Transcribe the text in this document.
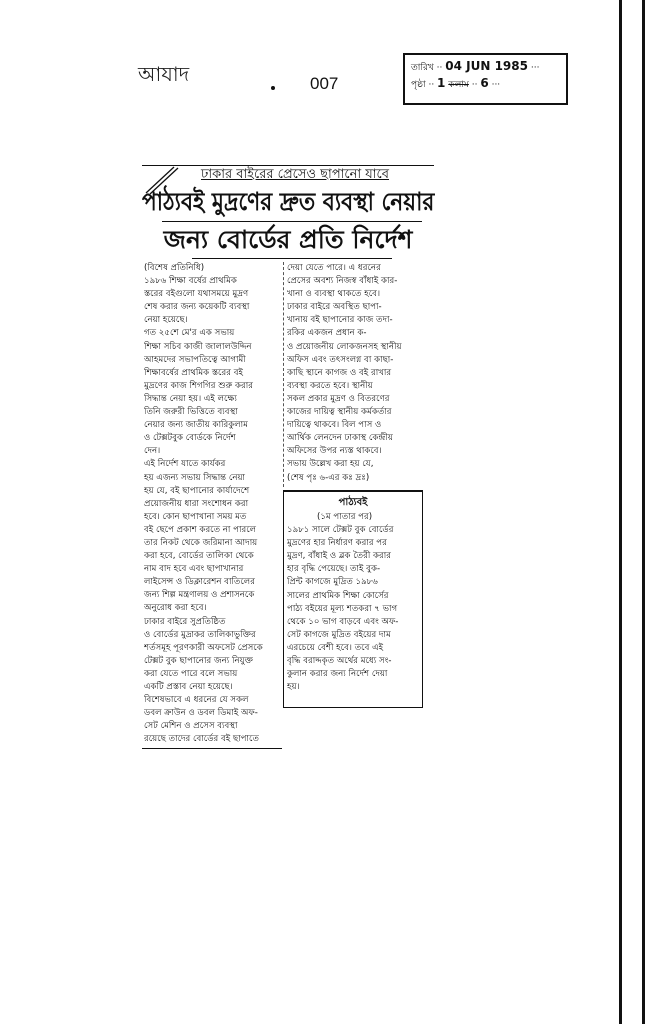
আযাদ	007
তারিখ ·· 04 JUN 1985 ···
পৃষ্ঠা ·· 1 কলাম ·· 6 ···
ঢাকার বাইরের প্রেসেও ছাপানো যাবে
পাঠ্যবই মুদ্রণের দ্রুত ব্যবস্থা নেয়ার
জন্য বোর্ডের প্রতি নির্দেশ
(বিশেষ প্রতিনিধি)
১৯৮৬ শিক্ষা বর্ষের প্রাথমিক
স্তরের বইগুলো যথাসময়ে মুদ্রণ
শেষ করার জন্য কয়েকটি ব্যবস্থা
নেয়া হয়েছে।
গত ২৫শে মে'র এক সভায়
শিক্ষা সচিব কাজী জালালউদ্দিন
আহমদের সভাপতিত্বে আগামী
শিক্ষাবর্ষের প্রাথমিক স্তরের বই
মুদ্রণের কাজ শিগগির শুরু করার
সিদ্ধান্ত নেয়া হয়। এই লক্ষ্যে
তিনি জরুরী ভিত্তিতে ব্যবস্থা
নেয়ার জন্য জাতীয় কারিকুলাম
ও টেক্সটবুক বোর্ডকে নির্দেশ
দেন।
এই নির্দেশ যাতে কার্যকর
হয় এজন্য সভায় সিদ্ধান্ত নেয়া
হয় যে, বই ছাপানোর কার্যাদেশে
প্রয়োজনীয় ধারা সংশোধন করা
হবে। কোন ছাপাখানা সময় মত
বই ছেপে প্রকাশ করতে না পারলে
তার নিকট থেকে জরিমানা আদায়
করা হবে, বোর্ডের তালিকা থেকে
নাম বাদ হবে এবং ছাপাখানার
লাইসেন্স ও ডিক্লারেশন বাতিলের
জন্য শিল্প মন্ত্রণালয় ও প্রশাসনকে
অনুরোধ করা হবে।
ঢাকার বাইরে সুপ্রতিষ্ঠিত
ও বোর্ডের মুদ্রাকর তালিকাভুক্তির
শর্তসমূহ পূরণকারী অফসেট প্রেসকে
টেক্সট বুক ছাপানোর জন্য নিযুক্ত
করা যেতে পারে বলে সভায়
একটি প্রস্তাব নেয়া হয়েছে।
বিশেষভাবে এ ধরনের যে সকল
ডবল ক্রাউন ও ডবল ডিমাই অফ-
সেট মেশিন ও প্রসেস ব্যবস্থা
রয়েছে তাদের বোর্ডের বই ছাপাতে
দেয়া যেতে পারে। এ ধরনের
প্রেসের অবশ্য নিজস্ব বাঁধাই কার-
খানা ও ব্যবস্থা থাকতে হবে।
ঢাকার বাইরে অবস্থিত ছাপা-
খানায় বই ছাপানোর কাজ তদা-
রকির একজন প্রধান ক-
ও প্রয়োজনীয় লোকজনসহ স্থানীয়
অফিস এবং তৎসংলগ্ন বা কাছা-
কাছি স্থানে কাগজ ও বই রাখার
ব্যবস্থা করতে হবে। স্থানীয়
সকল প্রকার মুদ্রণ ও বিতরণের
কাজের দায়িত্ব স্থানীয় কর্মকর্তার
দায়িত্বে থাকবে। বিল পাস ও
আর্থিক লেনদেন ঢাকাস্থ কেন্দ্রীয়
অফিসের উপর ন্যস্ত থাকবে।
সভায় উল্লেখ করা হয় যে,
(শেষ পৃঃ ৬-এর কঃ দ্রঃ)
পাঠ্যবই
(১ম পাতার পর)
১৯৮১ সালে টেক্সট বুক বোর্ডের
মুদ্রণের হার নির্ধারণ করার পর
মুদ্রণ, বাঁধাই ও ব্লক তৈরী করার
হার বৃদ্ধি পেয়েছে। তাই বুক-
প্রিন্ট কাগজে মুদ্রিত ১৯৮৬
সালের প্রাথমিক শিক্ষা কোর্সের
পাঠ্য বইয়ের মূল্য শতকরা ৭ ভাগ
থেকে ১০ ভাগ বাড়বে এবং অফ-
সেট কাগজে মুদ্রিত বইয়ের দাম
এরচেয়ে বেশী হবে। তবে এই
বৃদ্ধি বরাদ্দকৃত অর্থের মধ্যে সং-
কুলান করার জন্য নির্দেশ দেয়া
হয়।
